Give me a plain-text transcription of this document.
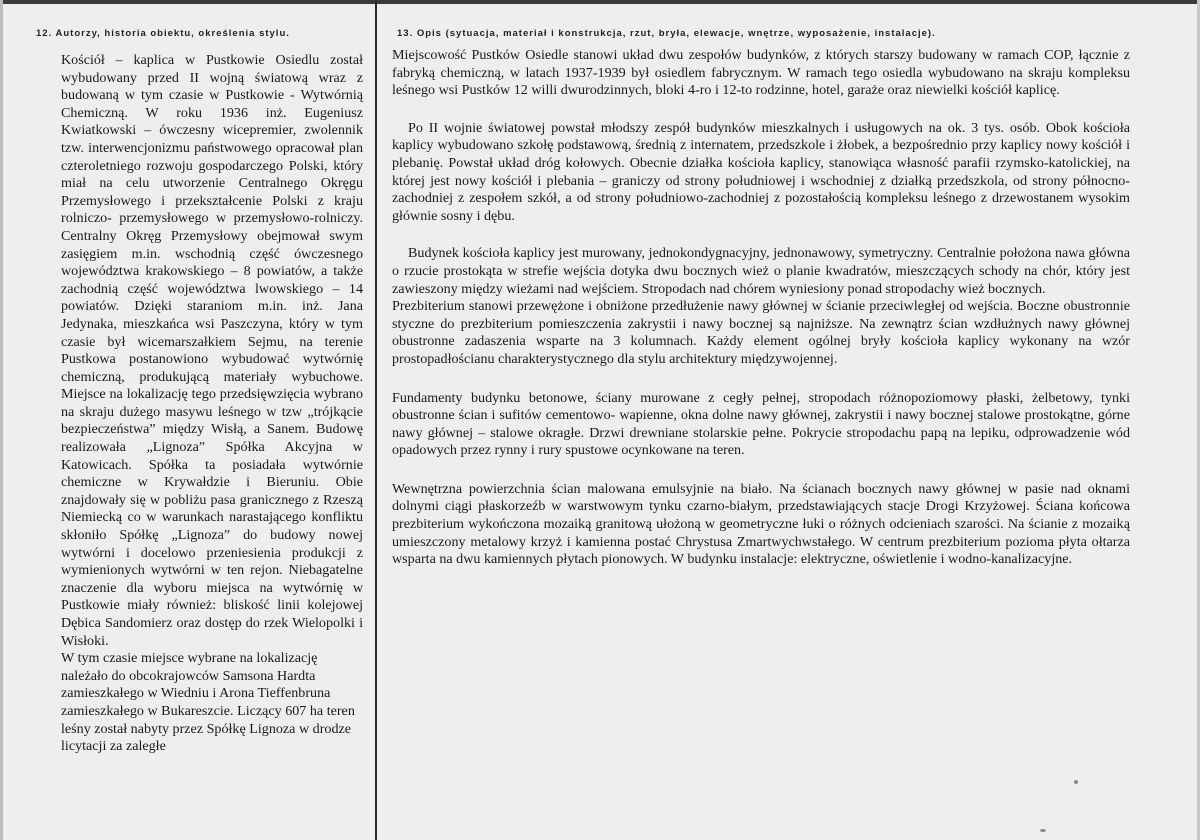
12. Autorzy, historia obiektu, określenia stylu.	13. Opis (sytuacja, materiał i konstrukcja, rzut, bryła, elewacje, wnętrze, wyposażenie, instalacje).

Kościół – kaplica w Pustkowie Osiedlu został wybudowany przed II wojną światową wraz z budowaną w tym czasie w Pustkowie - Wytwórnią Chemiczną. W roku 1936 inż. Eugeniusz Kwiatkowski – ówczesny wicepremier, zwolennik tzw. interwencjonizmu państwowego opracował plan czteroletniego rozwoju gospodarczego Polski, który miał na celu utworzenie Centralnego Okręgu Przemysłowego i przekształcenie Polski z kraju rolniczo- przemysłowego w przemysłowo-rolniczy. Centralny Okręg Przemysłowy obejmował swym zasięgiem m.in. wschodnią część ówczesnego województwa krakowskiego – 8 powiatów, a także zachodnią część województwa lwowskiego – 14 powiatów. Dzięki staraniom m.in. inż. Jana Jedynaka, mieszkańca wsi Paszczyna, który w tym czasie był wicemarszałkiem Sejmu, na terenie Pustkowa postanowiono wybudować wytwórnię chemiczną, produkującą materiały wybuchowe. Miejsce na lokalizację tego przedsięwzięcia wybrano na skraju dużego masywu leśnego w tzw „trójkącie bezpieczeństwa” między Wisłą, a Sanem. Budowę realizowała „Lignoza” Spółka Akcyjna w Katowicach. Spółka ta posiadała wytwórnie chemiczne w Krywałdzie i Bieruniu. Obie znajdowały się w pobliżu pasa granicznego z Rzeszą Niemiecką co w warunkach narastającego konfliktu skłoniło Spółkę „Lignoza” do budowy nowej wytwórni i docelowo przeniesienia produkcji z wymienionych wytwórni w ten rejon. Niebagatelne znaczenie dla wyboru miejsca na wytwórnię w Pustkowie miały również: bliskość linii kolejowej Dębica Sandomierz oraz dostęp do rzek Wielopolki i Wisłoki.

W tym czasie miejsce wybrane na lokalizację należało do obcokrajowców Samsona Hardta zamieszkałego w Wiedniu i Arona Tieffenbruna zamieszkałego w Bukareszcie. Liczący 607 ha teren leśny został nabyty przez Spółkę Lignoza w drodze licytacji za zaległe

Miejscowość Pustków Osiedle stanowi układ dwu zespołów budynków, z których starszy budowany w ramach COP, łącznie z fabryką chemiczną, w latach 1937-1939 był osiedlem fabrycznym. W ramach tego osiedla wybudowano na skraju kompleksu leśnego wsi Pustków 12 willi dwurodzinnych, bloki 4-ro i 12-to rodzinne, hotel, garaże oraz niewielki kościół kaplicę.

Po II wojnie światowej powstał młodszy zespół budynków mieszkalnych i usługowych na ok. 3 tys. osób. Obok kościoła kaplicy wybudowano szkołę podstawową, średnią z internatem, przedszkole i żłobek, a bezpośrednio przy kaplicy nowy kościół i plebanię. Powstał układ dróg kołowych. Obecnie działka kościoła kaplicy, stanowiąca własność parafii rzymsko-katolickiej, na której jest nowy kościół i plebania – graniczy od strony południowej i wschodniej z działką przedszkola, od strony północno-zachodniej z zespołem szkół, a od strony południowo-zachodniej z pozostałością kompleksu leśnego z drzewostanem wysokim głównie sosny i dębu.

Budynek kościoła kaplicy jest murowany, jednokondygnacyjny, jednonawowy, symetryczny. Centralnie położona nawa główna o rzucie prostokąta w strefie wejścia dotyka dwu bocznych wież o planie kwadratów, mieszczących schody na chór, który jest zawieszony między wieżami nad wejściem. Stropodach nad chórem wyniesiony ponad stropodachy wież bocznych.

Prezbiterium stanowi przewężone i obniżone przedłużenie nawy głównej w ścianie przeciwległej od wejścia. Boczne obustronnie styczne do prezbiterium pomieszczenia zakrystii i nawy bocznej są najniższe. Na zewnątrz ścian wzdłużnych nawy głównej obustronne zadaszenia wsparte na 3 kolumnach. Każdy element ogólnej bryły kościoła kaplicy wykonany na wzór prostopadłościanu charakterystycznego dla stylu architektury międzywojennej.

Fundamenty budynku betonowe, ściany murowane z cegły pełnej, stropodach różnopoziomowy płaski, żelbetowy, tynki obustronne ścian i sufitów cementowo- wapienne, okna dolne nawy głównej, zakrystii i nawy bocznej stalowe prostokątne, górne nawy głównej – stalowe okragłe. Drzwi drewniane stolarskie pełne. Pokrycie stropodachu papą na lepiku, odprowadzenie wód opadowych przez rynny i rury spustowe ocynkowane na teren.

Wewnętrzna powierzchnia ścian malowana emulsyjnie na biało. Na ścianach bocznych nawy głównej w pasie nad oknami dolnymi ciągi płaskorzeźb w warstwowym tynku czarno-białym, przedstawiających stacje Drogi Krzyżowej. Ściana końcowa prezbiterium wykończona mozaiką granitową ułożoną w geometryczne łuki o różnych odcieniach szarości. Na ścianie z mozaiką umieszczony metalowy krzyż i kamienna postać Chrystusa Zmartwychwstałego. W centrum prezbiterium pozioma płyta ołtarza wsparta na dwu kamiennych płytach pionowych. W budynku instalacje: elektryczne, oświetlenie i wodno-kanalizacyjne.
